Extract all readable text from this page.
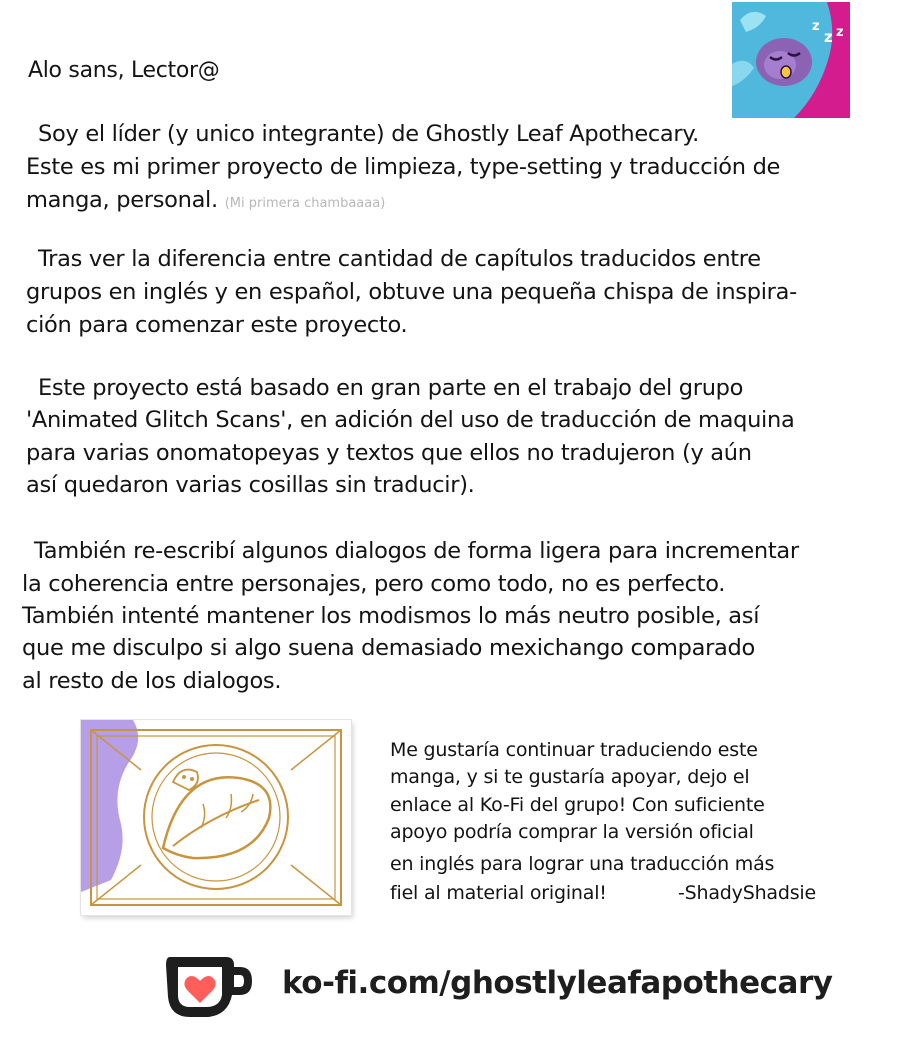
Alo sans, Lector@
z
z z
Soy el líder (y unico integrante) de Ghostly Leaf Apothecary.
Este es mi primer proyecto de limpieza, type-setting y traducción de
manga, personal. (Mi primera chambaaaa)
Tras ver la diferencia entre cantidad de capítulos traducidos entre
grupos en inglés y en español, obtuve una pequeña chispa de inspira-
ción para comenzar este proyecto.
Este proyecto está basado en gran parte en el trabajo del grupo
'Animated Glitch Scans', en adición del uso de traducción de maquina
para varias onomatopeyas y textos que ellos no tradujeron (y aún
así quedaron varias cosillas sin traducir).
También re-escribí algunos dialogos de forma ligera para incrementar
la coherencia entre personajes, pero como todo, no es perfecto.
También intenté mantener los modismos lo más neutro posible, así
que me disculpo si algo suena demasiado mexichango comparado
al resto de los dialogos.
Me gustaría continuar traduciendo este
manga, y si te gustaría apoyar, dejo el
enlace al Ko-Fi del grupo! Con suficiente
apoyo podría comprar la versión oficial
en inglés para lograr una traducción más
fiel al material original!	-ShadyShadsie
ko-fi.com/ghostlyleafapothecary
